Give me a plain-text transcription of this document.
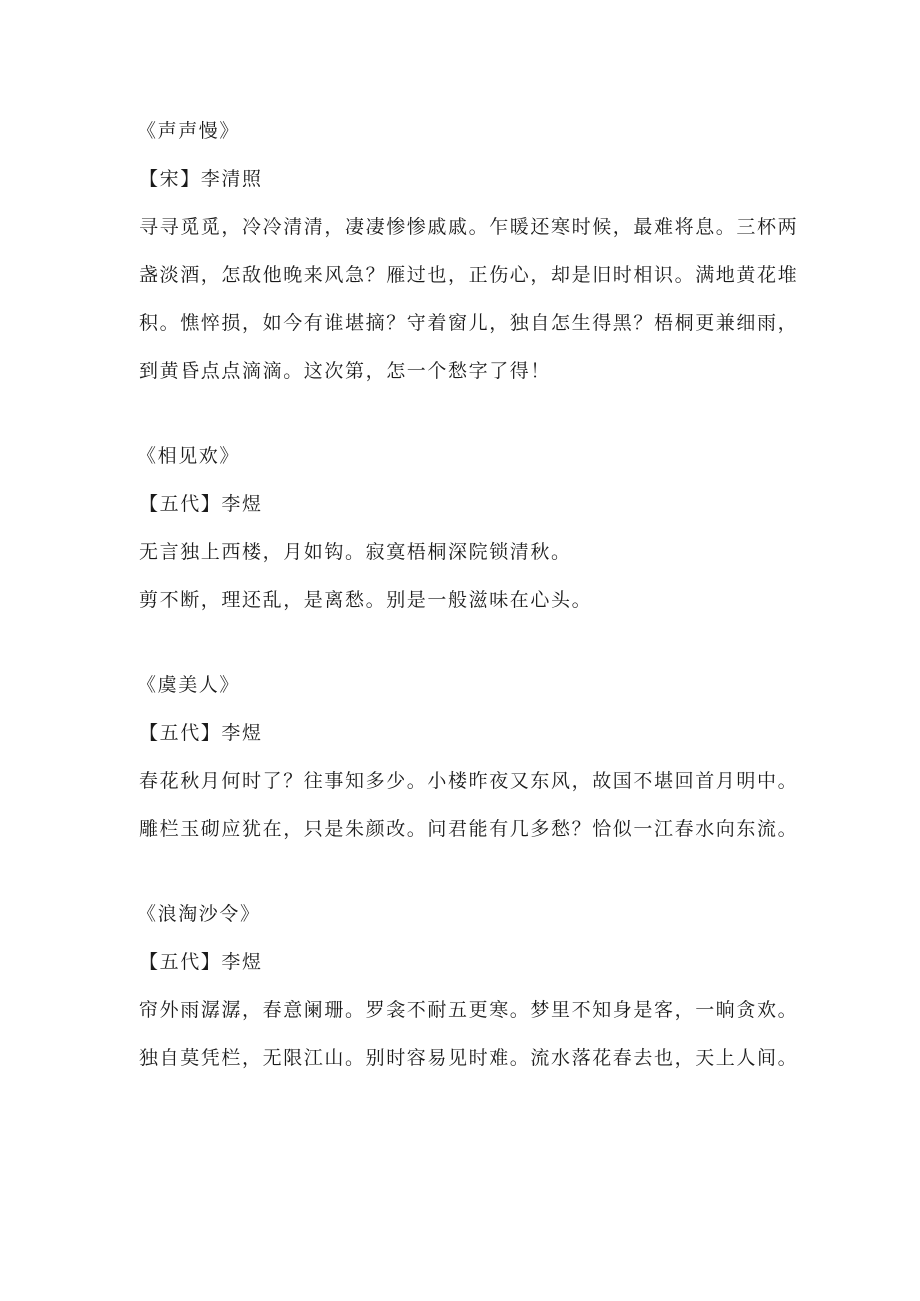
《声声慢》
【宋】李清照
寻寻觅觅，冷冷清清，凄凄惨惨戚戚。乍暖还寒时候，最难将息。三杯两
盏淡酒，怎敌他晚来风急？雁过也，正伤心，却是旧时相识。满地黄花堆
积。憔悴损，如今有谁堪摘？守着窗儿，独自怎生得黑？梧桐更兼细雨，
到黄昏点点滴滴。这次第，怎一个愁字了得！
《相见欢》
【五代】李煜
无言独上西楼，月如钩。寂寞梧桐深院锁清秋。
剪不断，理还乱，是离愁。别是一般滋味在心头。
《虞美人》
【五代】李煜
春花秋月何时了？往事知多少。小楼昨夜又东风，故国不堪回首月明中。
雕栏玉砌应犹在，只是朱颜改。问君能有几多愁？恰似一江春水向东流。
《浪淘沙令》
【五代】李煜
帘外雨潺潺，春意阑珊。罗衾不耐五更寒。梦里不知身是客，一晌贪欢。
独自莫凭栏，无限江山。别时容易见时难。流水落花春去也，天上人间。
